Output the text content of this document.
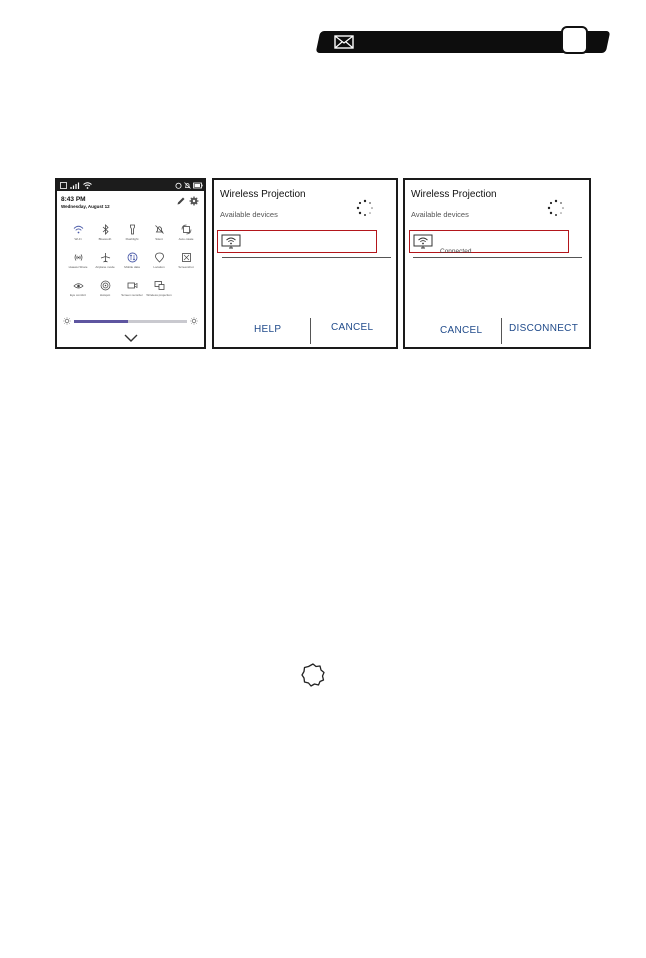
8:43 PM
Wednesday, August 12
Wi-Fi	Bluetooth	Flashlight	Silent	Auto-rotate
Huawei Share	Airplane mode	Mobile data	Location	Screenshot
Eye comfort	Hotspot	Screen recorder	Wireless projection
Wireless Projection
Available devices
HELP	CANCEL
Wireless Projection
Available devices
Connected
CANCEL	DISCONNECT
